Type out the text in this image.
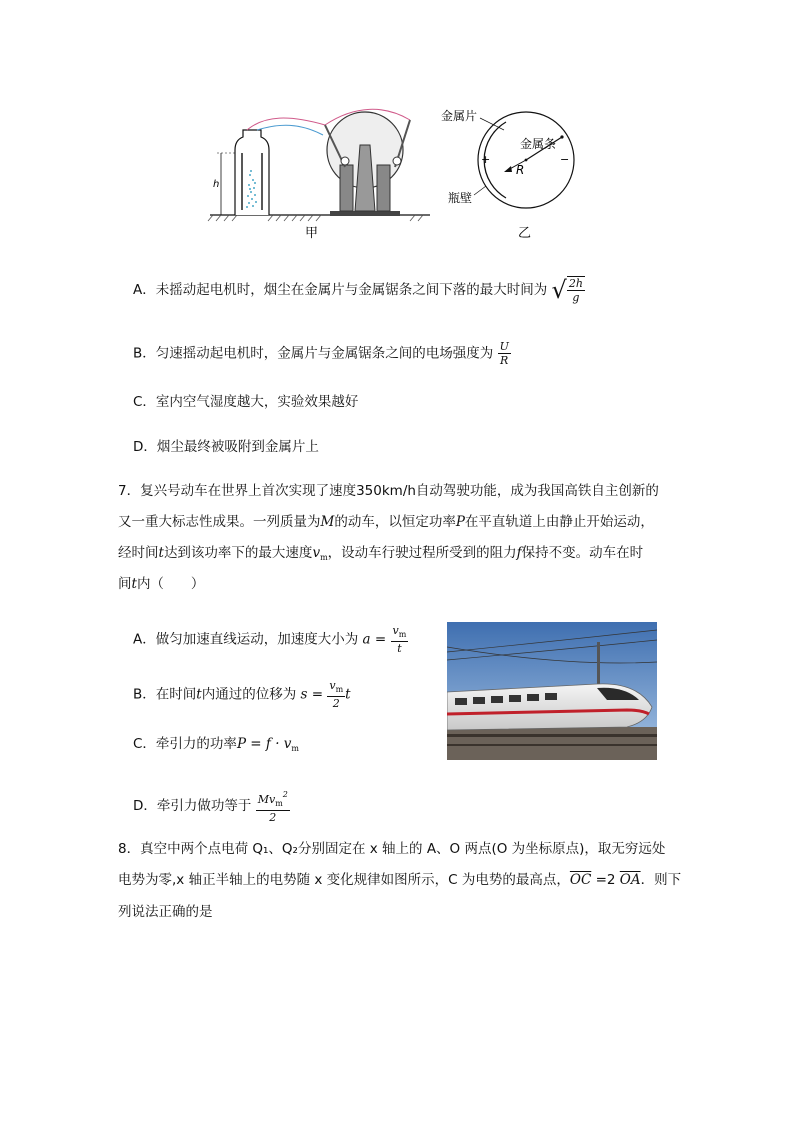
h
甲
金属片
金属条
+	−
R
瓶壁
乙
A．未摇动起电机时，烟尘在金属片与金属锯条之间下落的最大时间为 √ $\frac{2h}{g}$
B．匀速摇动起电机时，金属片与金属锯条之间的电场强度为 $\frac{U}{R}$
C．室内空气湿度越大，实验效果越好
D．烟尘最终被吸附到金属片上
7．复兴号动车在世界上首次实现了速度350km/h自动驾驶功能，成为我国高铁自主创新的
又一重大标志性成果。一列质量为M的动车，以恒定功率P在平直轨道上由静止开始运动，
经时间t达到该功率下的最大速度$v_m$，设动车行驶过程所受到的阻力f保持不变。动车在时
间t内（　　）
A．做匀加速直线运动，加速度大小为 $a = \frac{v_m}{t}$
B．在时间t内通过的位移为 $s = \frac{v_m}{2}$ t
C．牵引力的功率$P = f \cdot v_m$
D．牵引力做功等于 $\frac{Mv_m^2}{2}$
8．真空中两个点电荷 Q₁、Q₂分别固定在 x 轴上的 A、O 两点(O 为坐标原点)，取无穷远处
电势为零,x 轴正半轴上的电势随 x 变化规律如图所示，C 为电势的最高点，$\overline{OC} =2$ $\overline{OA}$．则下
列说法正确的是
